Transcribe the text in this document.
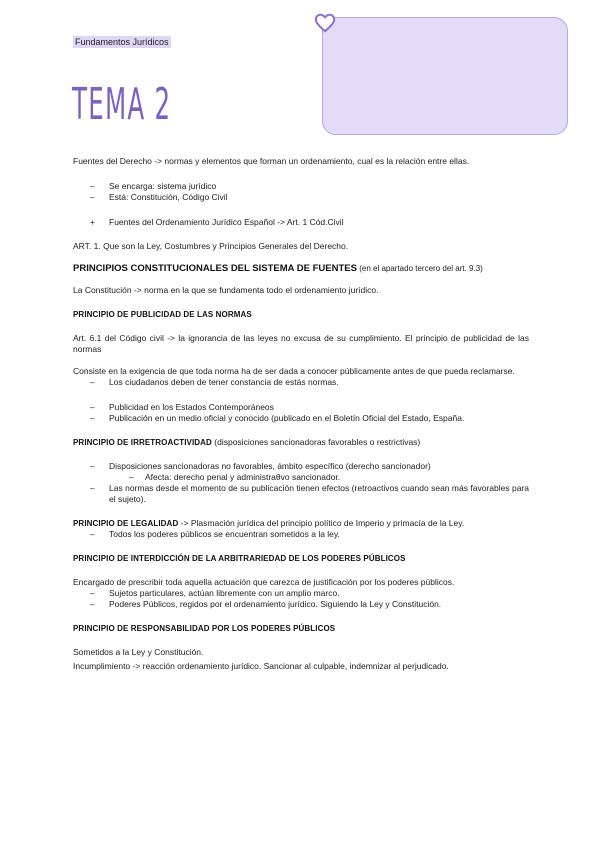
Fundamentos Jurídicos
TEMA 2

Fuentes del Derecho -> normas y elementos que forman un ordenamiento, cual es la relación entre ellas.

– Se encarga: sistema jurídico
– Está: Constitución, Código Civil
+ Fuentes del Ordenamiento Jurídico Español -> Art. 1 Cód.Civil

ART. 1. Que son la Ley, Costumbres y Principios Generales del Derecho.

PRINCIPIOS CONSTITUCIONALES DEL SISTEMA DE FUENTES (en el apartado tercero del art. 9.3)

La Constitución -> norma en la que se fundamenta todo el ordenamiento jurídico.

PRINCIPIO DE PUBLICIDAD DE LAS NORMAS

Art. 6.1 del Código civil -> la ignorancia de las leyes no excusa de su cumplimiento. El principio de publicidad de las normas

Consiste en la exigencia de que toda norma ha de ser dada a conocer públicamente antes de que pueda reclamarse.

– Los ciudadanos deben de tener constancia de estás normas.
– Publicidad en los Estados Contemporáneos
– Publicación en un medio oficial y conocido (publicado en el Boletín Oficial del Estado, España.

PRINCIPIO DE IRRETROACTIVIDAD (disposiciones sancionadoras favorables o restrictivas)

– Disposiciones sancionadoras no favorables, ámbito específico (derecho sancionador)
– Afecta: derecho penal y administraθvo sancionador.
– Las normas desde el momento de su publicación tienen efectos (retroactivos cuando sean más favorables para el sujeto).

PRINCIPIO DE LEGALIDAD -> Plasmación jurídica del principio político de Imperio y primacía de la Ley.

– Todos los poderes públicos se encuentran sometidos a la ley.

PRINCIPIO DE INTERDICCIÓN DE LA ARBITRARIEDAD DE LOS PODERES PÚBLICOS

Encargado de prescribir toda aquella actuación que carezca de justificación por los poderes públicos.

– Sujetos particulares, actúan libremente con un amplio marco.
– Poderes Públicos, regidos por el ordenamiento jurídico. Siguiendo la Ley y Constitución.

PRINCIPIO DE RESPONSABILIDAD POR LOS PODERES PÚBLICOS

Sometidos a la Ley y Constitución.

Incumplimiento -> reacción ordenamiento jurídico. Sancionar al culpable, indemnizar al perjudicado.
